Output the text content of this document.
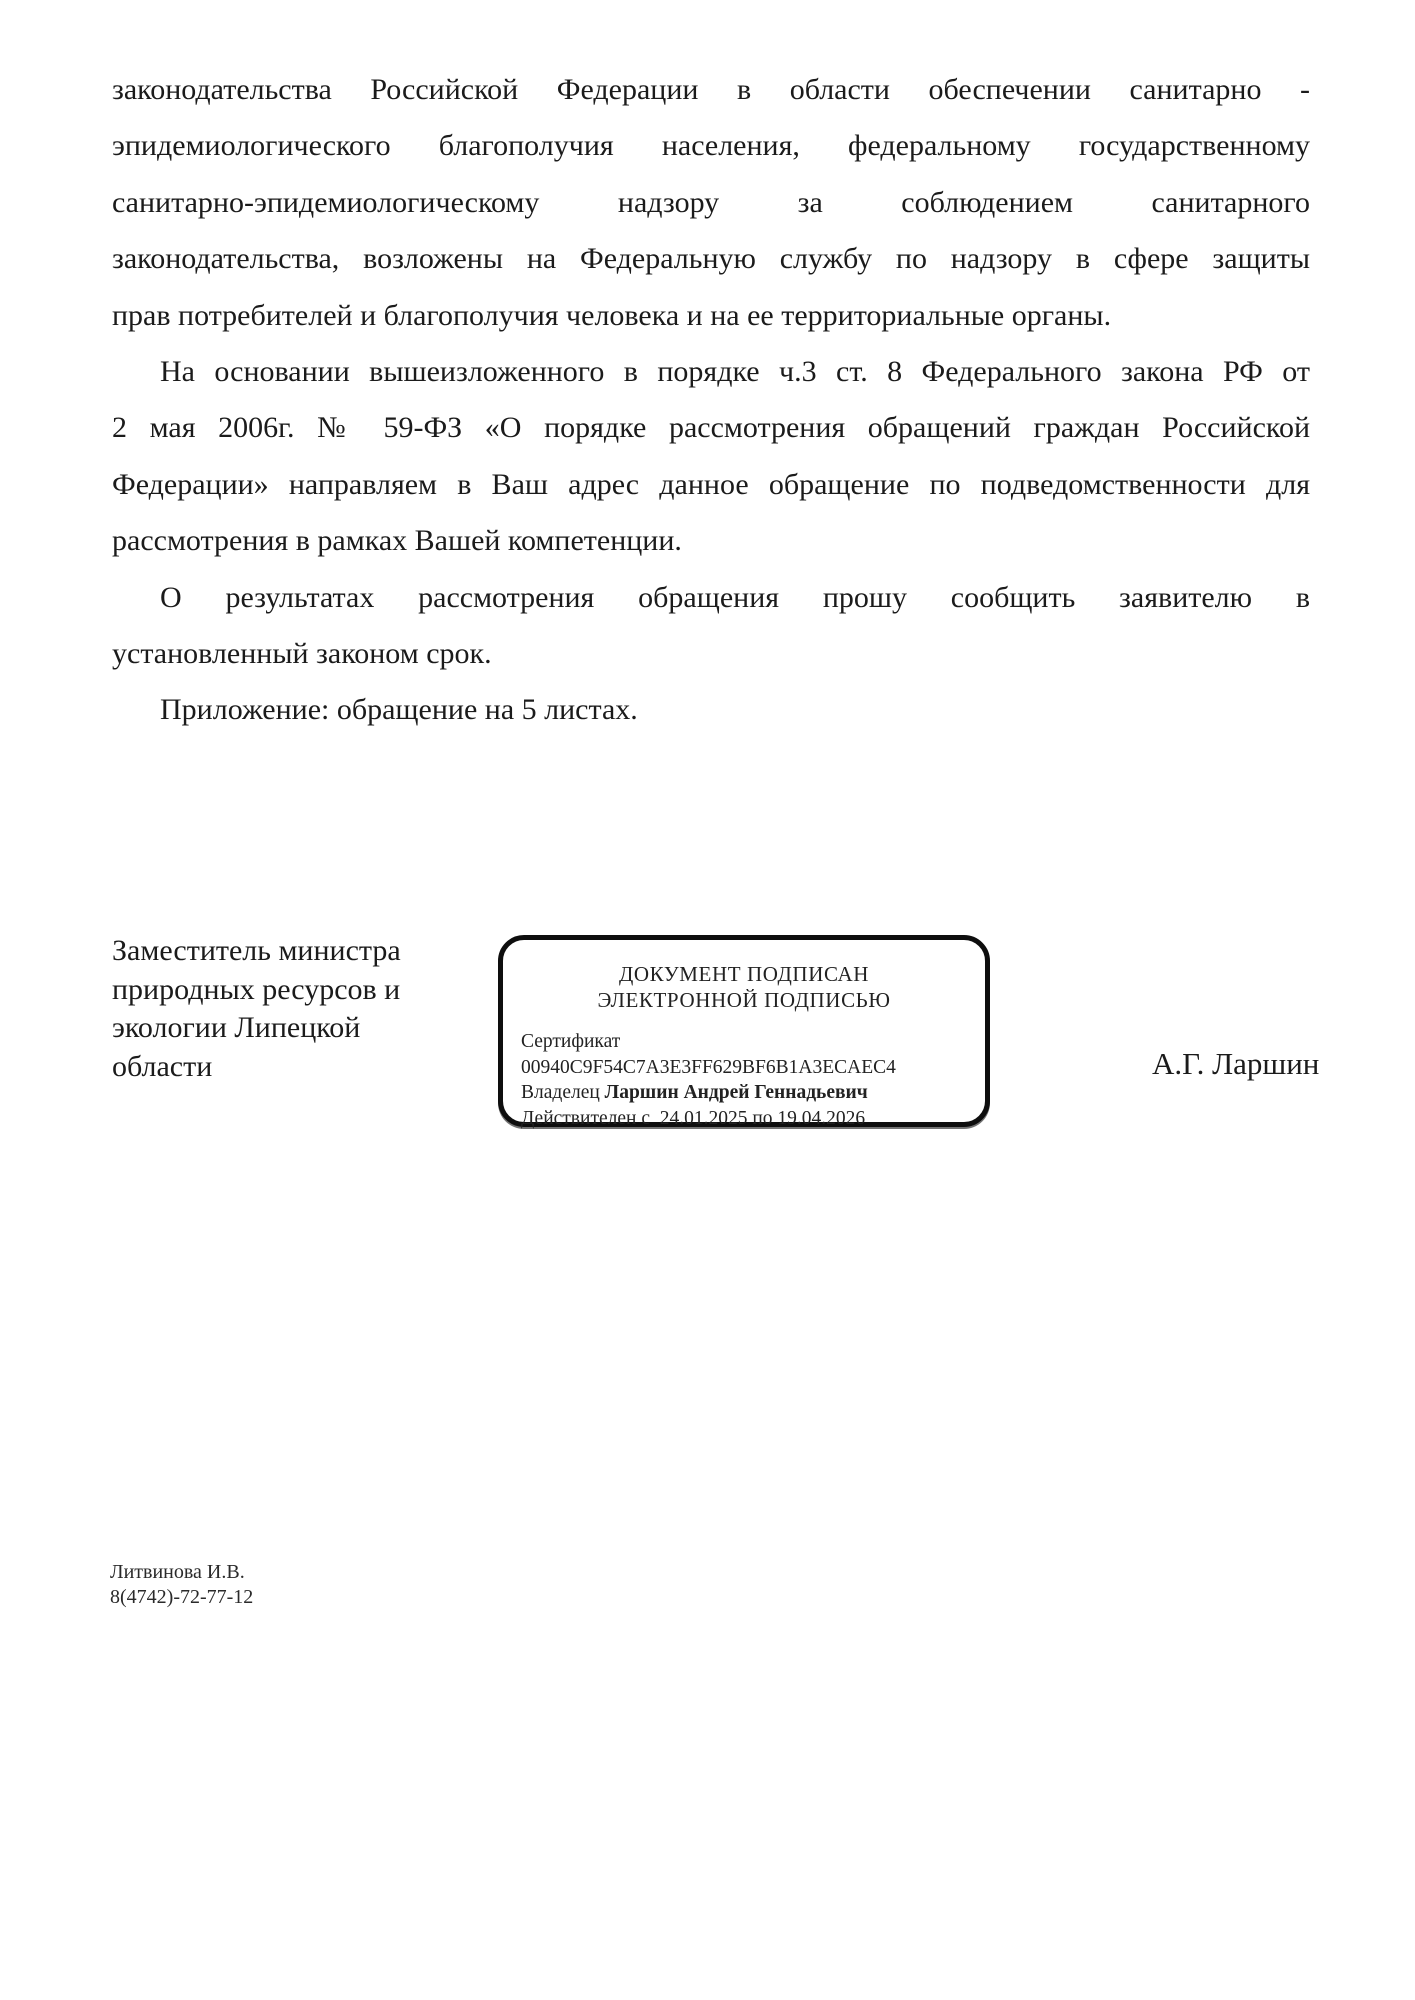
законодательства Российской Федерации в области обеспечении санитарно -
эпидемиологического благополучия населения, федеральному государственному
санитарно-эпидемиологическому надзору за соблюдением санитарного
законодательства, возложены на Федеральную службу по надзору в сфере защиты
прав потребителей и благополучия человека и на ее территориальные органы.
На основании вышеизложенного в порядке ч.3 ст. 8 Федерального закона РФ от
2 мая 2006г. № 59-ФЗ «О порядке рассмотрения обращений граждан Российской
Федерации» направляем в Ваш адрес данное обращение по подведомственности для
рассмотрения в рамках Вашей компетенции.
О результатах рассмотрения обращения прошу сообщить заявителю в
установленный законом срок.
Приложение: обращение на 5 листах.
Заместитель министра
природных ресурсов и
экологии Липецкой
области
ДОКУМЕНТ ПОДПИСАН
ЭЛЕКТРОННОЙ ПОДПИСЬЮ
Сертификат 00940C9F54C7A3E3FF629BF6B1A3ECAEC4
Владелец Ларшин Андрей Геннадьевич
Действителен с 24.01.2025 по 19.04.2026
А.Г. Ларшин
Литвинова И.В.
8(4742)-72-77-12
